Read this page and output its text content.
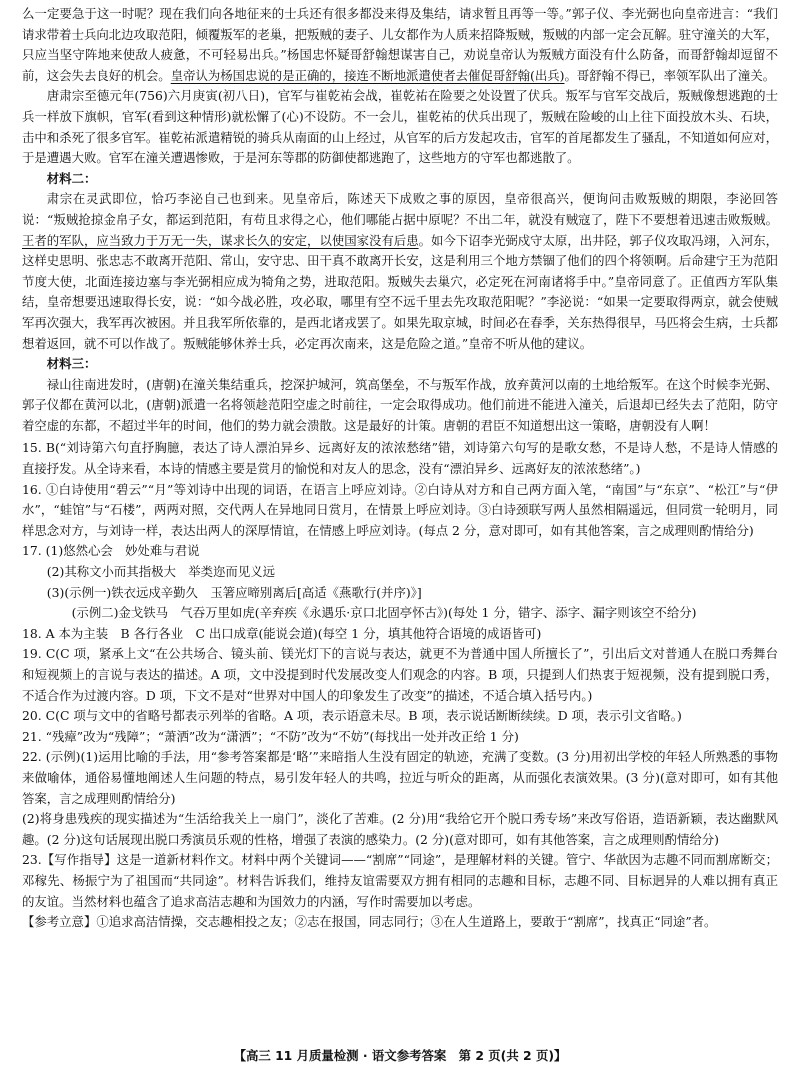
么一定要急于这一时呢？现在我们向各地征来的士兵还有很多都没来得及集结，请求暂且再等一等。”郭子仪、李光弼也向皇帝进言：“我们请求带着士兵向北边攻取范阳，倾覆叛军的老巢，把叛贼的妻子、儿女都作为人质来招降叛贼，叛贼的内部一定会瓦解。驻守潼关的大军，只应当坚守阵地来使敌人疲惫，不可轻易出兵。”杨国忠怀疑哥舒翰想谋害自己，劝说皇帝认为叛贼方面没有什么防备，而哥舒翰却逗留不前，这会失去良好的机会。皇帝认为杨国忠说的是正确的，接连不断地派遣使者去催促哥舒翰(出兵)。哥舒翰不得已，率领军队出了潼关。

唐肃宗至德元年(756)六月庚寅(初八日)，官军与崔乾祐会战，崔乾祐在险要之处设置了伏兵。叛军与官军交战后，叛贼像想逃跑的士兵一样放下旗帜，官军(看到这种情形)就松懈了(心)不设防。不一会儿，崔乾祐的伏兵出现了，叛贼在险峻的山上往下面投放木头、石块，击中和杀死了很多官军。崔乾祐派遣精锐的骑兵从南面的山上经过，从官军的后方发起攻击，官军的首尾都发生了骚乱，不知道如何应对，于是遭遇大败。官军在潼关遭遇惨败，于是河东等郡的防御使都逃跑了，这些地方的守军也都逃散了。

材料二：

肃宗在灵武即位，恰巧李泌自己也到来。见皇帝后，陈述天下成败之事的原因，皇帝很高兴，便询问击败叛贼的期限，李泌回答说：“叛贼抢掠金帛子女，都运到范阳，有苟且求得之心，他们哪能占据中原呢？不出二年，就没有贼寇了，陛下不要想着迅速击败叛贼。王者的军队，应当致力于万无一失，谋求长久的安定，以使国家没有后患。如今下诏李光弼戍守太原，出井陉，郭子仪攻取冯翊，入河东，这样史思明、张忠志不敢离开范阳、常山，安守忠、田干真不敢离开长安，这是利用三个地方禁锢了他们的四个将领啊。后命建宁王为范阳节度大使，北面连接边塞与李光弼相应成为犄角之势，进取范阳。叛贼失去巢穴，必定死在河南诸将手中。”皇帝同意了。正值西方军队集结，皇帝想要迅速取得长安，说：“如今战必胜，攻必取，哪里有空不远千里去先攻取范阳呢？”李泌说：“如果一定要取得两京，就会使贼军再次强大，我军再次被困。并且我军所依靠的，是西北诸戎罢了。如果先取京城，时间必在春季，关东热得很早，马匹将会生病，士兵都想着返回，就不可以作战了。叛贼能够休养士兵，必定再次南来，这是危险之道。”皇帝不听从他的建议。

材料三：

禄山往南进发时，(唐朝)在潼关集结重兵，挖深护城河，筑高堡垒，不与叛军作战，放弃黄河以南的土地给叛军。在这个时候李光弼、郭子仪都在黄河以北，(唐朝)派遣一名将领趁范阳空虚之时前往，一定会取得成功。他们前进不能进入潼关，后退却已经失去了范阳，防守着空虚的东都，不超过半年的时间，他们的势力就会溃散。这是最好的计策。唐朝的君臣不知道想出这一策略，唐朝没有人啊！

15. B(“刘诗第六句直抒胸臆，表达了诗人漂泊异乡、远离好友的浓浓愁绪”错，刘诗第六句写的是歌女愁，不是诗人愁，不是诗人情感的直接抒发。从全诗来看，本诗的情感主要是赏月的愉悦和对友人的思念，没有“漂泊异乡、远离好友的浓浓愁绪”。)

16. ①白诗使用“碧云”“月”等刘诗中出现的词语，在语言上呼应刘诗。②白诗从对方和自己两方面入笔，“南国”与“东京”、“松江”与“伊水”，“蛙馆”与“石楼”，两两对照，交代两人在异地同日赏月，在情景上呼应刘诗。③白诗颈联写两人虽然相隔遥远，但同赏一轮明月，同样思念对方，与刘诗一样，表达出两人的深厚情谊，在情感上呼应刘诗。(每点 2 分，意对即可，如有其他答案，言之成理则酌情给分)

17. (1)悠然心会　妙处难与君说

(2)其称文小而其指极大　举类迩而见义远

(3)(示例一)铁衣远戍辛勤久　玉箸应啼别离后[高适《燕歌行(并序)》]

(示例二)金戈铁马　气吞万里如虎(辛弃疾《永遇乐·京口北固亭怀古》)(每处 1 分，错字、添字、漏字则该空不给分)

18. A 本为主装　B 各行各业　C 出口成章(能说会道)(每空 1 分，填其他符合语境的成语皆可)

19. C(C 项，紧承上文“在公共场合、镜头前、镁光灯下的言说与表达，就更不为普通中国人所擅长了”，引出后文对普通人在脱口秀舞台和短视频上的言说与表达的描述。A 项，文中没提到时代发展改变人们观念的内容。B 项，只提到人们热衷于短视频，没有提到脱口秀，不适合作为过渡内容。D 项，下文不是对“世界对中国人的印象发生了改变”的描述，不适合填入括号内。)

20. C(C 项与文中的省略号都表示列举的省略。A 项，表示语意未尽。B 项，表示说话断断续续。D 项，表示引文省略。)

21. “残瘴”改为“残障”；“萧洒”改为“潇洒”；“不防”改为“不妨”(每找出一处并改正给 1 分)

22. (示例)(1)运用比喻的手法，用“参考答案都是‘略’”来暗指人生没有固定的轨迹，充满了变数。(3 分)用初出学校的年轻人所熟悉的事物来做喻体，通俗易懂地阐述人生问题的特点，易引发年轻人的共鸣，拉近与听众的距离，从而强化表演效果。(3 分)(意对即可，如有其他答案，言之成理则酌情给分)

(2)将身患残疾的现实描述为“生活给我关上一扇门”，淡化了苦难。(2 分)用“我给它开个脱口秀专场”来改写俗语，造语新颖，表达幽默风趣。(2 分)这句话展现出脱口秀演员乐观的性格，增强了表演的感染力。(2 分)(意对即可，如有其他答案，言之成理则酌情给分)

23.【写作指导】这是一道新材料作文。材料中两个关键词——“割席”“同途”，是理解材料的关键。管宁、华歆因为志趣不同而割席断交；邓稼先、杨振宁为了祖国而“共同途”。材料告诉我们，维持友谊需要双方拥有相同的志趣和目标，志趣不同、目标迥异的人难以拥有真正的友谊。当然材料也蕴含了追求高洁志趣和为国效力的内涵，写作时需要加以考虑。

【参考立意】①追求高洁情操，交志趣相投之友；②志在报国，同志同行；③在人生道路上，要敢于“割席”，找真正“同途”者。

【高三 11 月质量检测 · 语文参考答案　第 2 页(共 2 页)】
